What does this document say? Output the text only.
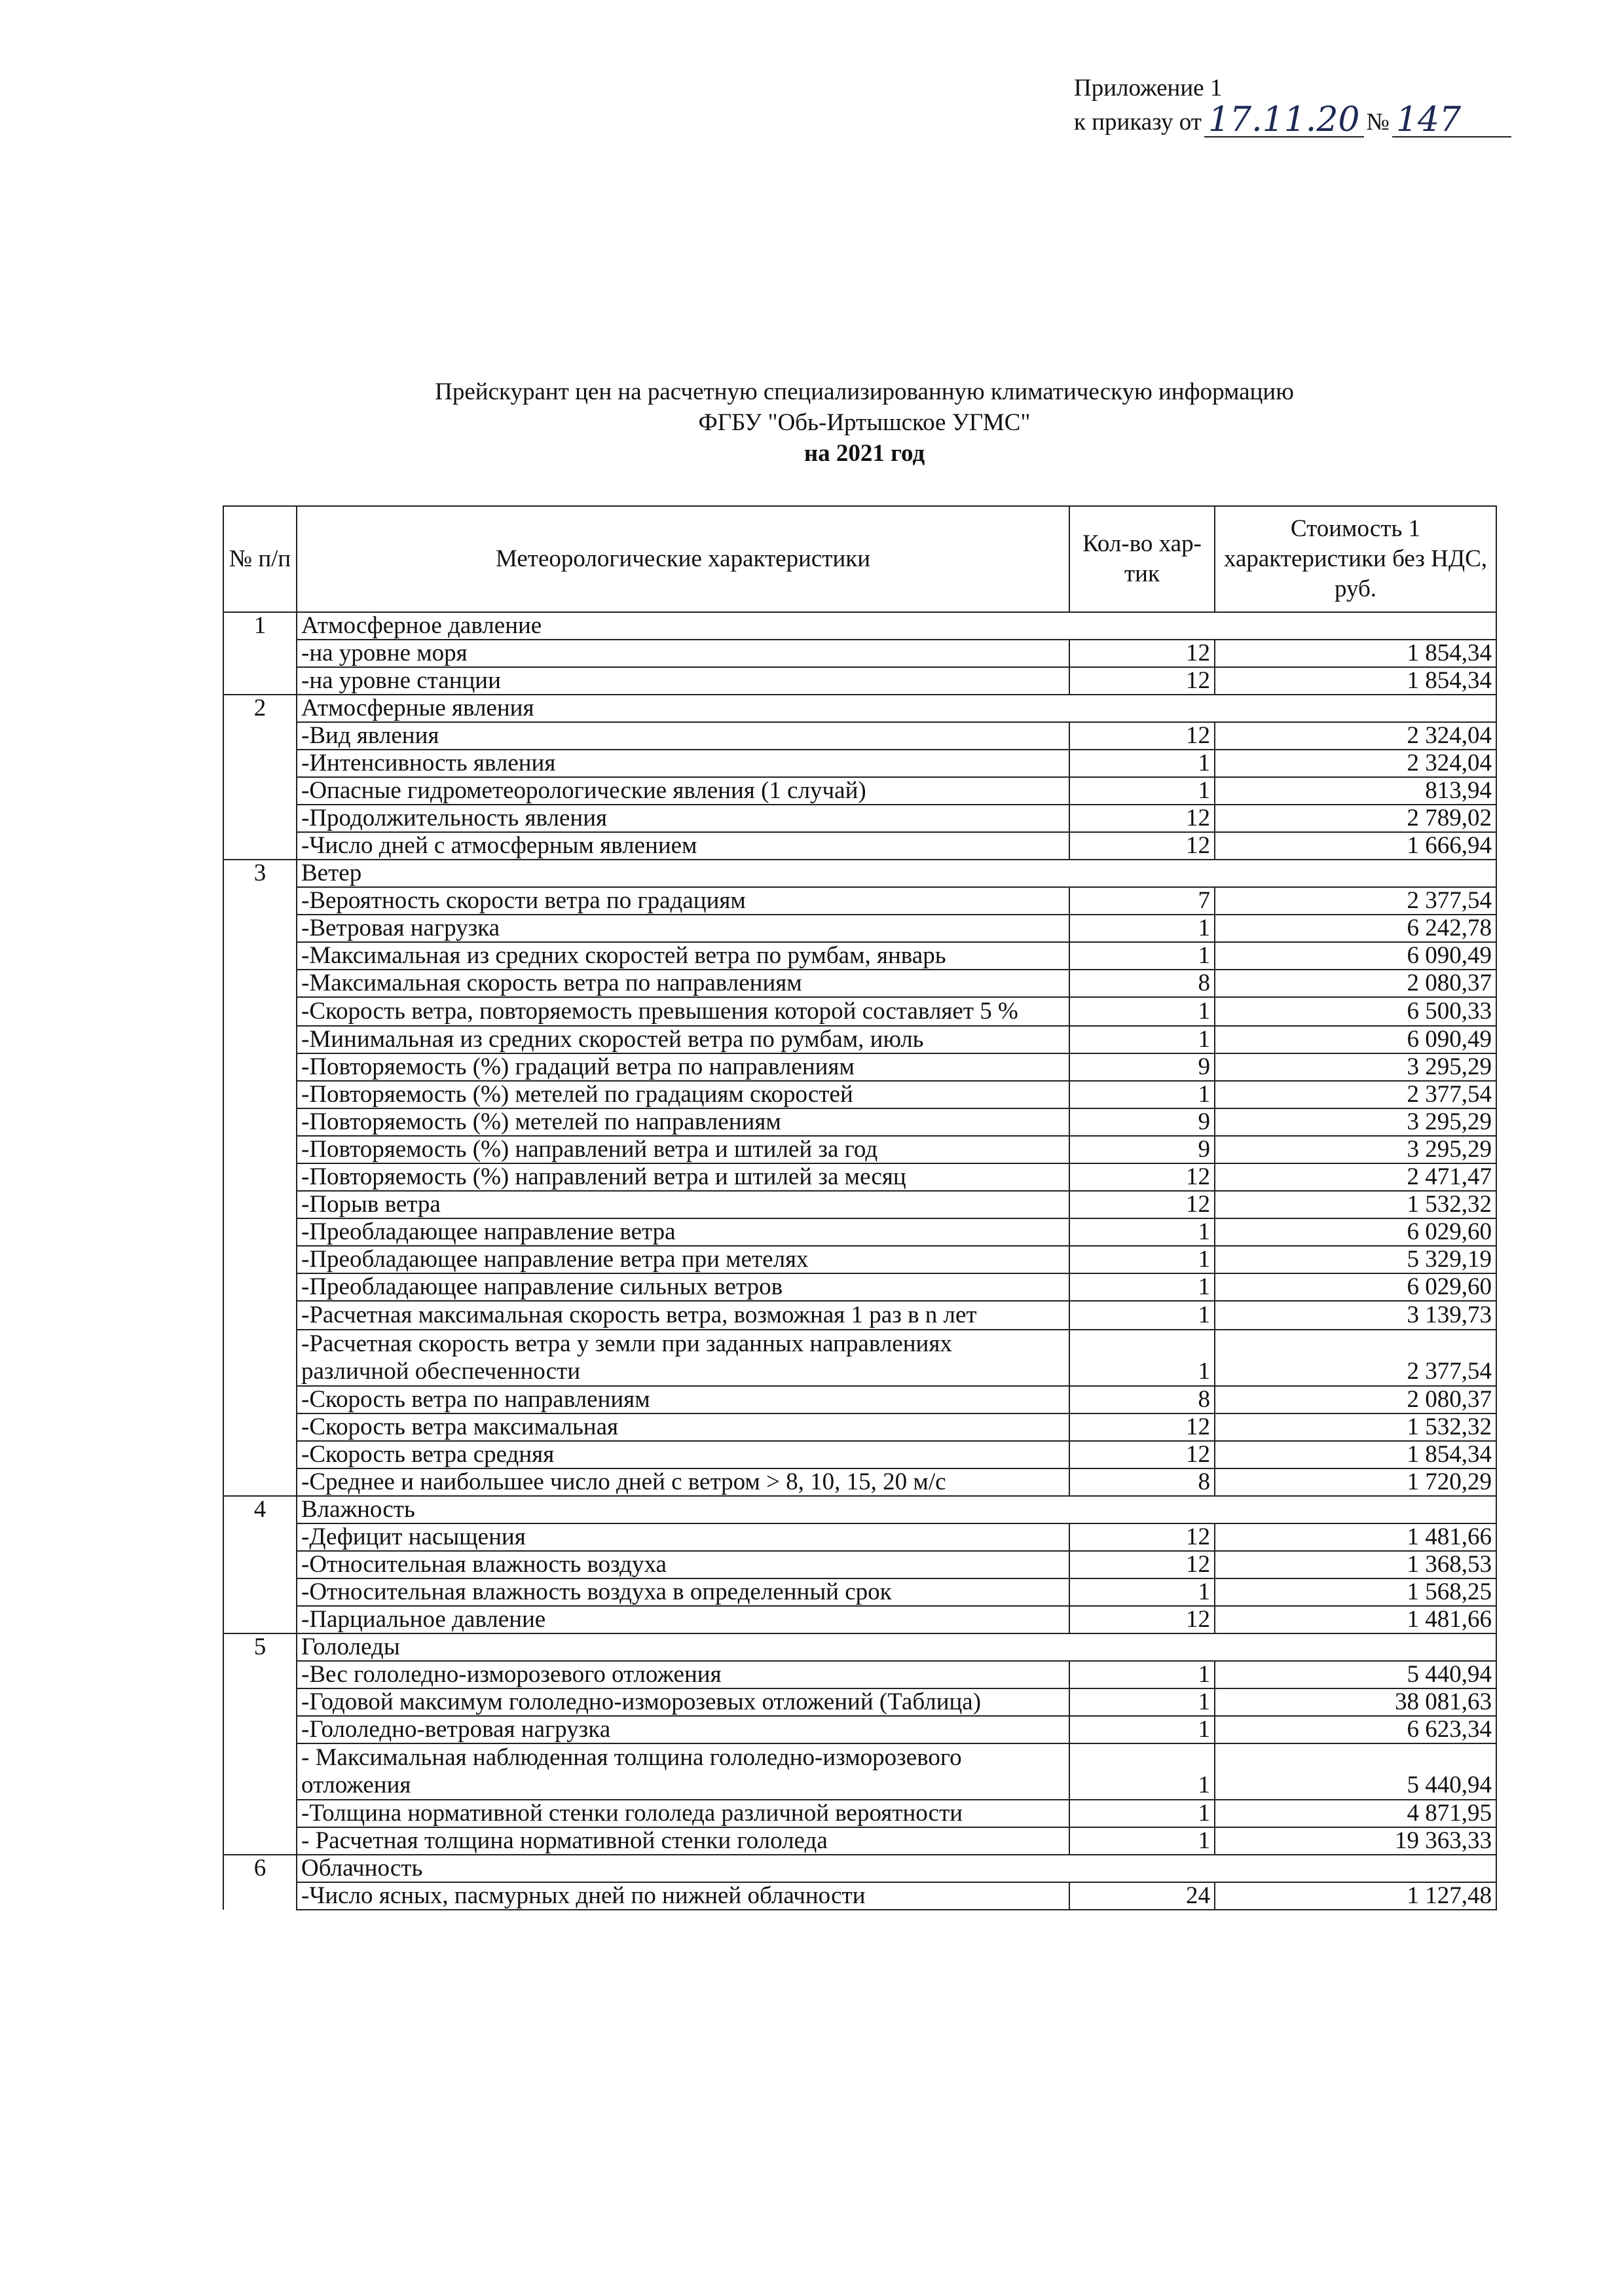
Приложение 1
к приказу от 17.11.20 № 147
Прейскурант цен на расчетную специализированную климатическую информацию
ФГБУ "Обь-Иртышское УГМС"
на 2021 год
№ п/п	Метеорологические характеристики	Кол-во хар-тик	Стоимость 1 характеристики без НДС, руб.
1	Атмосферное давление		
	-на уровне моря	12	1 854,34
	-на уровне станции	12	1 854,34
2	Атмосферные явления		
	-Вид явления	12	2 324,04
	-Интенсивность явления	1	2 324,04
	-Опасные гидрометеорологические явления (1 случай)	1	813,94
	-Продолжительность явления	12	2 789,02
	-Число дней с атмосферным явлением	12	1 666,94
3	Ветер		
	-Вероятность скорости ветра по градациям	7	2 377,54
	-Ветровая нагрузка	1	6 242,78
	-Максимальная из средних скоростей ветра по румбам, январь	1	6 090,49
	-Максимальная скорость ветра по направлениям	8	2 080,37
	-Скорость ветра, повторяемость превышения которой составляет 5 %	1	6 500,33
	-Минимальная из средних скоростей ветра по румбам, июль	1	6 090,49
	-Повторяемость (%) градаций ветра по направлениям	9	3 295,29
	-Повторяемость (%) метелей по градациям скоростей	1	2 377,54
	-Повторяемость (%) метелей по направлениям	9	3 295,29
	-Повторяемость (%) направлений ветра и штилей за год	9	3 295,29
	-Повторяемость (%) направлений ветра и штилей за месяц	12	2 471,47
	-Порыв ветра	12	1 532,32
	-Преобладающее направление ветра	1	6 029,60
	-Преобладающее направление ветра при метелях	1	5 329,19
	-Преобладающее направление сильных ветров	1	6 029,60
	-Расчетная максимальная скорость ветра, возможная 1 раз в n лет	1	3 139,73
	-Расчетная скорость ветра у земли при заданных направлениях различной обеспеченности	1	2 377,54
	-Скорость ветра по направлениям	8	2 080,37
	-Скорость ветра максимальная	12	1 532,32
	-Скорость ветра средняя	12	1 854,34
	-Среднее и наибольшее число дней с ветром > 8, 10, 15, 20 м/с	8	1 720,29
4	Влажность		
	-Дефицит насыщения	12	1 481,66
	-Относительная влажность воздуха	12	1 368,53
	-Относительная влажность воздуха в определенный срок	1	1 568,25
	-Парциальное давление	12	1 481,66
5	Гололеды		
	-Вес гололедно-изморозевого отложения	1	5 440,94
	-Годовой максимум гололедно-изморозевых отложений (Таблица)	1	38 081,63
	-Гололедно-ветровая нагрузка	1	6 623,34
	- Максимальная наблюденная толщина гололедно-изморозевого отложения	1	5 440,94
	-Толщина нормативной стенки гололеда различной вероятности	1	4 871,95
	- Расчетная толщина нормативной стенки гололеда	1	19 363,33
6	Облачность		
	-Число ясных, пасмурных дней по нижней облачности	24	1 127,48
